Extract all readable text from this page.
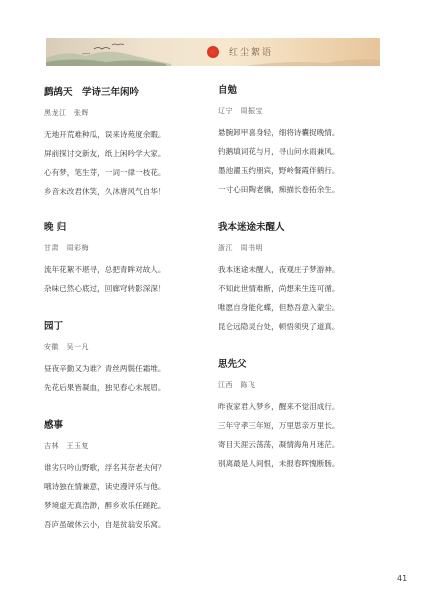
红尘絮语
鹧鸪天　学诗三年闲吟
黑龙江　张辉
无地开荒难种瓜，误来诗苑度余暇。
屏前探讨交新友，纸上闲吟学大家。
心有梦，笔生芽，一词一律一枝花。
乡音未改君休笑，久沐唐风气自华！
晚 归
甘肃　周彩梅
流年花絮不堪寻，总把青眸对故人。
杂味已然心底过，回廊穹转影深深！
园丁
安徽　吴一凡
昼夜辛勤又为谁？青丝两鬓任霜堆。
先花后果皆凝血，独见春心未展眉。
感事
吉林　王玉复
谁劣只吟山野歌，浮名其奈老夫何？
哦诗独在情兼意，读史漫评乐与他。
梦境虚无真浩渺，醉乡欢乐任蹉跎。
吾庐虽破休云小，自是贫翁安乐窝。
自勉
辽宁　周振宝
悬腕卸甲喜身轻，细将诗囊捉晚情。
钓鹅填词花与月，寻山问水雨兼风。
墨池濯玉约朋宾，野岭餐霞伴鹤行。
一寸心田陶老骥，痴描长卷拓余生。
我本迷途未醒人
浙江　周书明
我本迷途未醒人，夜观庄子梦游神。
不知此世情难断，尚想来生连可循。
唯愿自身能化蝶，但愁吾意入蒙尘。
昆仑远隐灵台处，顿悟须臾了道真。
思先父
江西　陈飞
昨夜家君入梦乡，醒来不觉泪成行。
三年守孝三年短，万里思亲万里长。
寄目天涯云荡荡，凝情海角月迷茫。
别离最是人间恨，未报春晖愧断肠。
41
